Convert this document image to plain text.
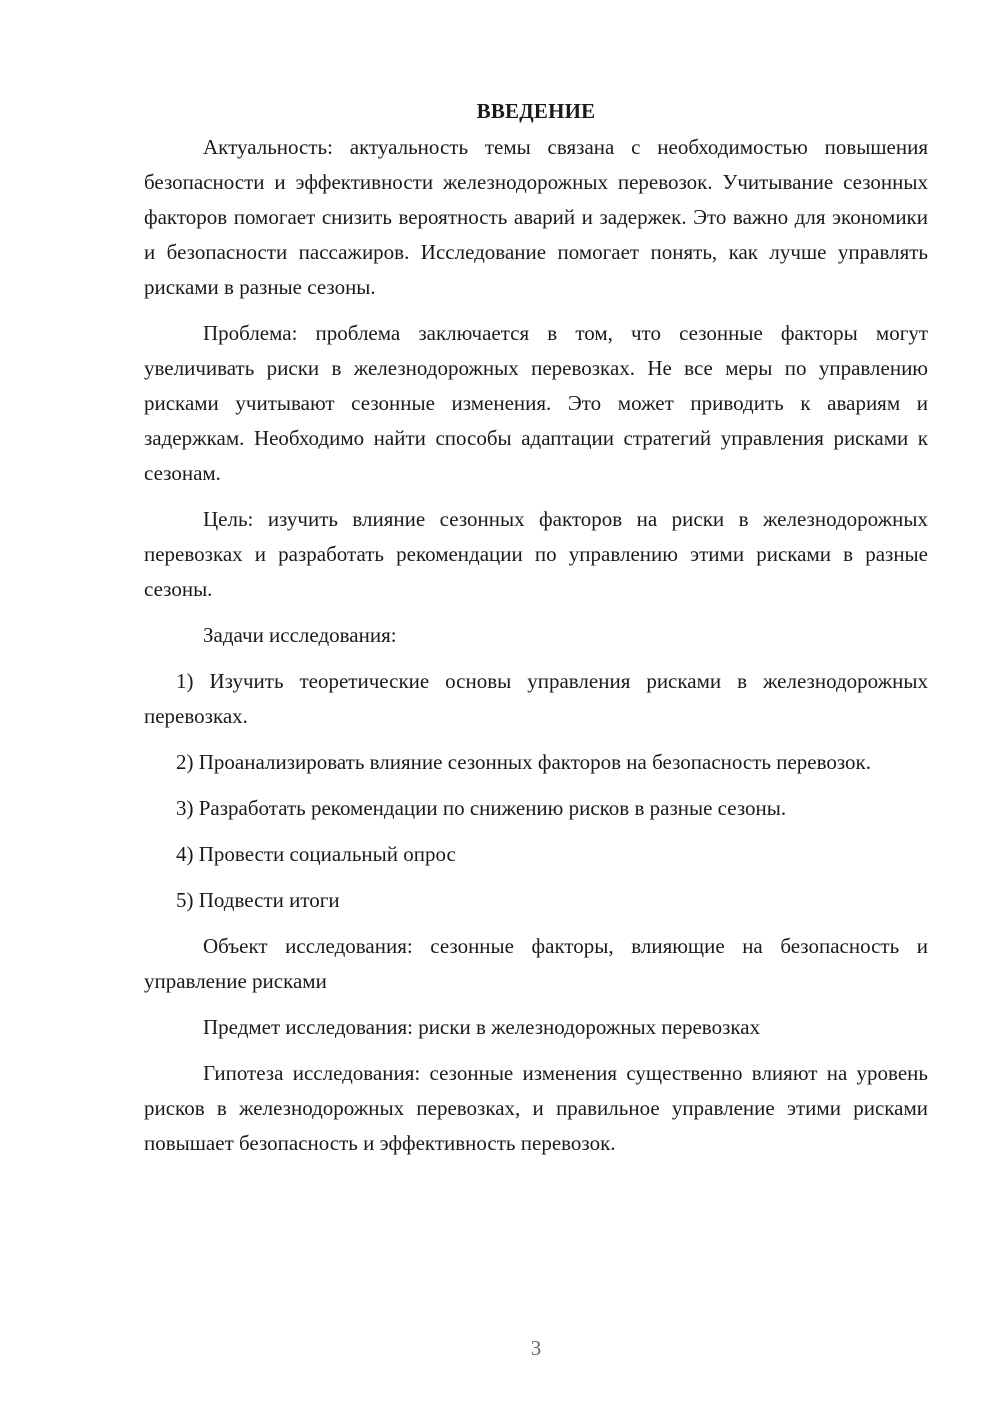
ВВЕДЕНИЕ

Актуальность: актуальность темы связана с необходимостью повышения безопасности и эффективности железнодорожных перевозок. Учитывание сезонных факторов помогает снизить вероятность аварий и задержек. Это важно для экономики и безопасности пассажиров. Исследование помогает понять, как лучше управлять рисками в разные сезоны.

Проблема: проблема заключается в том, что сезонные факторы могут увеличивать риски в железнодорожных перевозках. Не все меры по управлению рисками учитывают сезонные изменения. Это может приводить к авариям и задержкам. Необходимо найти способы адаптации стратегий управления рисками к сезонам.

Цель: изучить влияние сезонных факторов на риски в железнодорожных перевозках и разработать рекомендации по управлению этими рисками в разные сезоны.

Задачи исследования:

1) Изучить теоретические основы управления рисками в железнодорожных перевозках.

2) Проанализировать влияние сезонных факторов на безопасность перевозок.

3) Разработать рекомендации по снижению рисков в разные сезоны.

4) Провести социальный опрос

5) Подвести итоги

Объект исследования: сезонные факторы, влияющие на безопасность и управление рисками

Предмет исследования: риски в железнодорожных перевозках

Гипотеза исследования: сезонные изменения существенно влияют на уровень рисков в железнодорожных перевозках, и правильное управление этими рисками повышает безопасность и эффективность перевозок.

3
